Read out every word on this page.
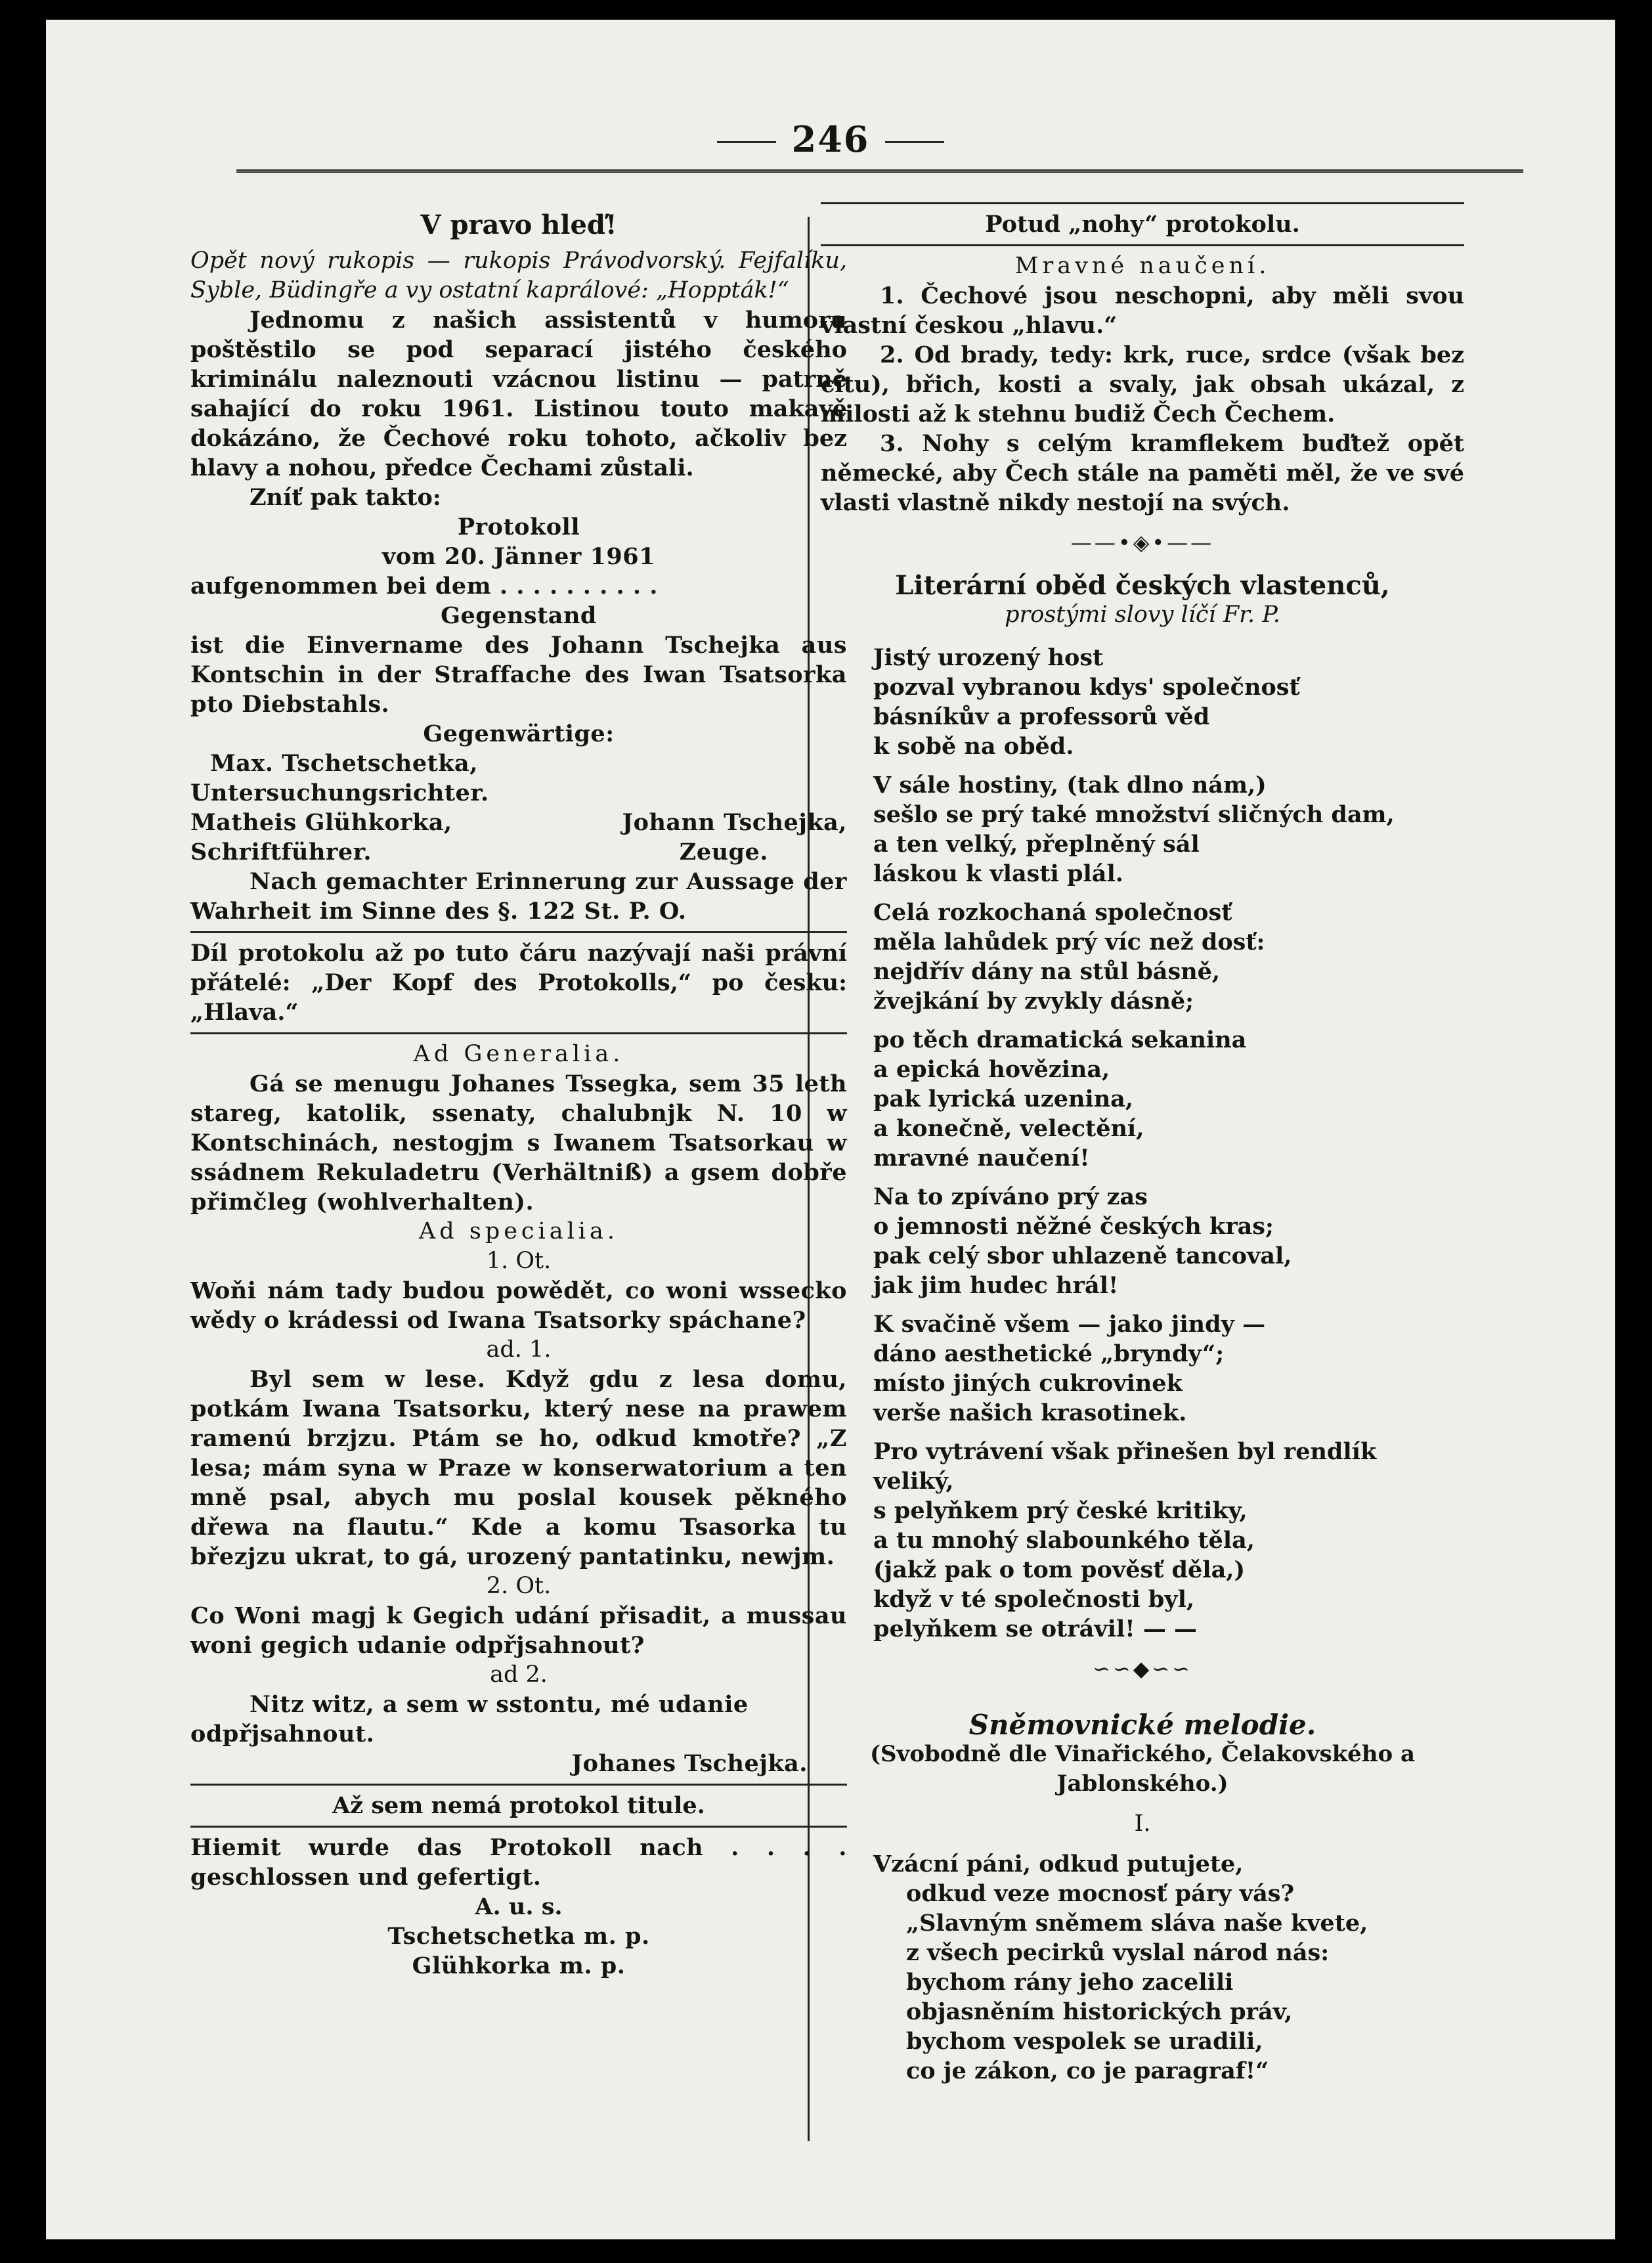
246
V pravo hleď!

Opět nový rukopis — rukopis Právodvorský. Fejfalíku, Syble, Büdingře a vy ostatní kaprálové: „Hoppták!“

Jednomu z našich assistentů v humoru poštěstilo se pod separací jistého českého kriminálu naleznouti vzácnou listinu — patrně sahající do roku 1961. Listinou touto makavě dokázáno, že Čechové roku tohoto, ačkoliv bez hlavy a nohou, předce Čechami zůstali.

Zníť pak takto:

Protokoll

vom 20. Jänner 1961

aufgenommen bei dem . . . . . . . . . .

Gegenstand

ist die Einvername des Johann Tschejka aus Kontschin in der Straffache des Iwan Tsatsorka pto Diebstahls.

Gegenwärtige:

Max. Tschetschetka,

Untersuchungsrichter.

Matheis Glühkorka,	Johann Tschejka,
Schriftführer.	Zeuge.

Nach gemachter Erinnerung zur Aussage der Wahrheit im Sinne des §. 122 St. P. O.

Díl protokolu až po tuto čáru nazývají naši právní přátelé: „Der Kopf des Protokolls,“ po česku: „Hlava.“

Ad Generalia.

Gá se menugu Johanes Tssegka, sem 35 leth stareg, katolik, ssenaty, chalubnjk N. 10 w Kontschinách, nestogjm s Iwanem Tsatsorkau w ssádnem Rekuladetru (Verhältniß) a gsem dobře přimčleg (wohlverhalten).

Ad specialia.

1. Ot.

Woňi nám tady budou powědět, co woni wssecko wědy o krádessi od Iwana Tsatsorky spáchane?

ad. 1.

Byl sem w lese. Když gdu z lesa domu, potkám Iwana Tsatsorku, který nese na prawem ramenú brzjzu. Ptám se ho, odkud kmotře? „Z lesa; mám syna w Praze w konserwatorium a ten mně psal, abych mu poslal kousek pěkného dřewa na flautu.“ Kde a komu Tsasorka tu březjzu ukrat, to gá, urozený pantatinku, newjm.

2. Ot.

Co Woni magj k Gegich udání přisadit, a mussau woni gegich udanie odpřjsahnout?

ad 2.

Nitz witz, a sem w sstontu, mé udanie odpřjsahnout.

Johanes Tschejka.

Až sem nemá protokol titule.

Hiemit wurde das Protokoll nach . . . . geschlossen und gefertigt.

A. u. s.

Tschetschetka m. p.

Glühkorka m. p.

Potud „nohy“ protokolu.

Mravné naučení.

1. Čechové jsou neschopni, aby měli svou vlastní českou „hlavu.“

2. Od brady, tedy: krk, ruce, srdce (však bez citu), břich, kosti a svaly, jak obsah ukázal, z milosti až k stehnu budiž Čech Čechem.

3. Nohy s celým kramflekem buďtež opět německé, aby Čech stále na paměti měl, že ve své vlasti vlastně nikdy nestojí na svých.

——•◈•——

Literární oběd českých vlastenců,

prostými slovy líčí Fr. P.

Jistý urozený host
pozval vybranou kdys' společnosť
básníkův a professorů věd
k sobě na oběd.

V sále hostiny, (tak dlno nám,)
sešlo se prý také množství sličných dam,
a ten velký, přeplněný sál
láskou k vlasti plál.

Celá rozkochaná společnosť
měla lahůdek prý víc než dosť:
nejdřív dány na stůl básně,
žvejkání by zvykly dásně;

po těch dramatická sekanina
a epická hovězina,
pak lyrická uzenina,
a konečně, velectění,
mravné naučení!

Na to zpíváno prý zas
o jemnosti něžné českých kras;
pak celý sbor uhlazeně tancoval,
jak jim hudec hrál!

K svačině všem — jako jindy —
dáno aesthetické „bryndy“;
místo jiných cukrovinek
verše našich krasotinek.

Pro vytrávení však přinešen byl rendlík veliký,
s pelyňkem prý české kritiky,
a tu mnohý slabounkého těla,
(jakž pak o tom pověsť děla,)
když v té společnosti byl,
pelyňkem se otrávil! — —

∽∽◆∽∽

Sněmovnické melodie.

(Svobodně dle Vinařického, Čelakovského a Jablonského.)

I.

Vzácní páni, odkud putujete,
odkud veze mocnosť páry vás?
„Slavným sněmem sláva naše kvete,
z všech pecirků vyslal národ nás:
bychom rány jeho zacelili
objasněním historických práv,
bychom vespolek se uradili,
co je zákon, co je paragraf!“
